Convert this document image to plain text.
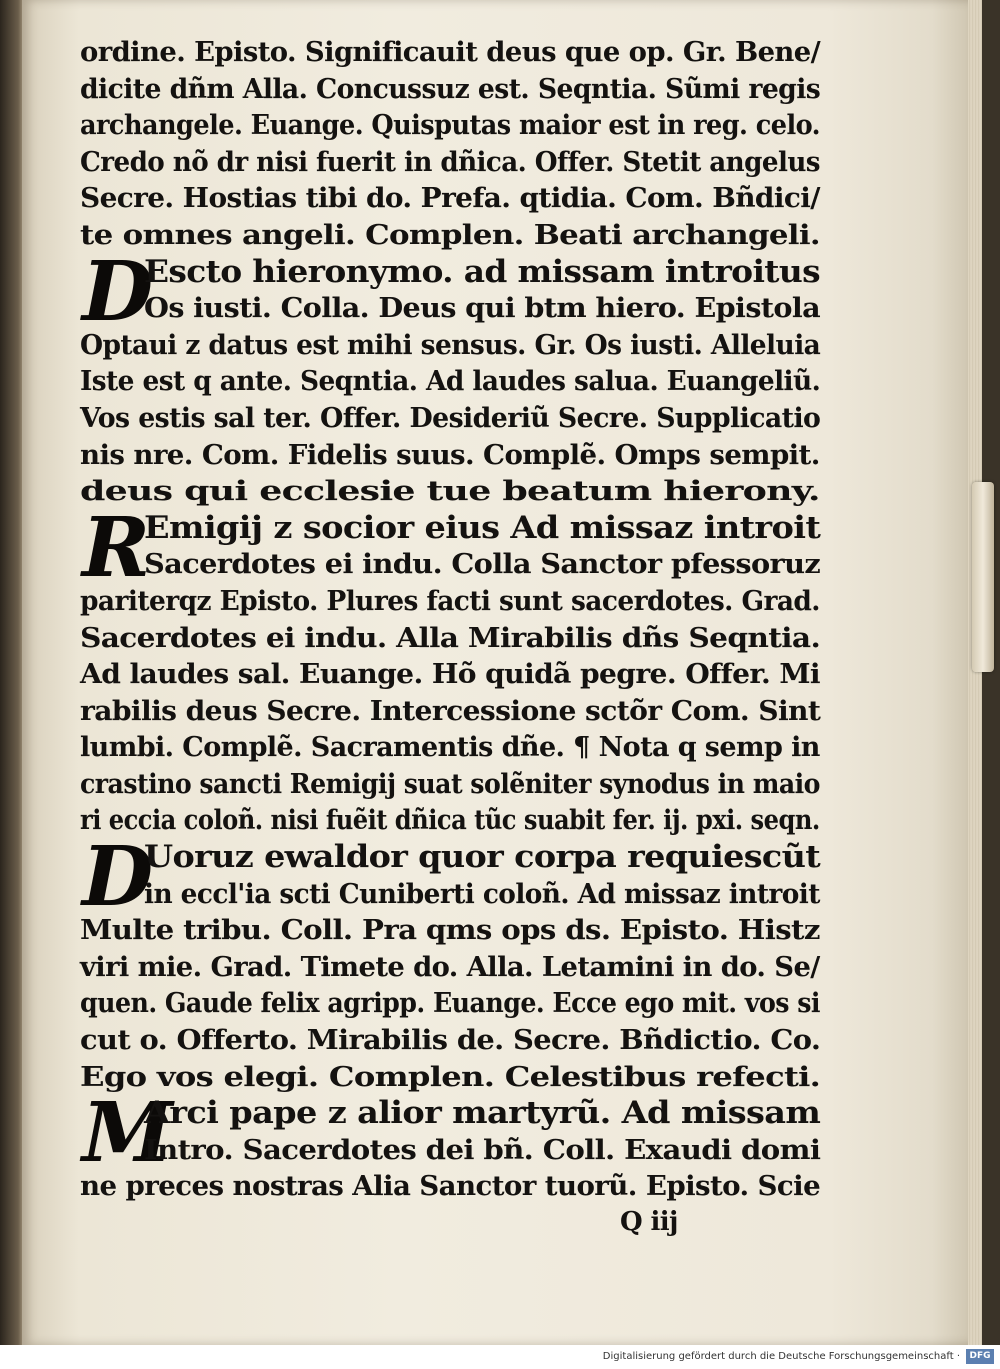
ordine. Episto. Significauit deus que op. Gr. Bene/
dicite dñm Alla. Concussuz est. Seqntia. Sũmi regis
archangele. Euange. Quisputas maior est in reg. celo.
Credo nõ dr nisi fuerit in dñica. Offer. Stetit angelus
Secre. Hostias tibi do. Prefa. qtidia. Com. Bñdici/
te omnes angeli. Complen. Beati archangeli.
D
Escto hieronymo. ad missam introitus
Os iusti. Colla. Deus qui btm hiero. Epistola
Optaui z datus est mihi sensus. Gr. Os iusti. Alleluia
Iste est q ante. Seqntia. Ad laudes salua. Euangeliũ.
Vos estis sal ter. Offer. Desideriũ Secre. Supplicatio
nis nre. Com. Fidelis suus. Complẽ. Omps sempit.
deus qui ecclesie tue beatum hierony.
R
Emigij z socior eius Ad missaz introit
Sacerdotes ei indu. Colla Sanctor pfessoruz
pariterqz Episto. Plures facti sunt sacerdotes. Grad.
Sacerdotes ei indu. Alla Mirabilis dñs Seqntia.
Ad laudes sal. Euange. Hõ quidã pegre. Offer. Mi
rabilis deus Secre. Intercessione sctõr Com. Sint
lumbi. Complẽ. Sacramentis dñe. ¶ Nota q semp in
crastino sancti Remigij suat solẽniter synodus in maio
ri eccia coloñ. nisi fuẽit dñica tũc suabit fer. ij. pxi. seqn.
D
Uoruz ewaldor quor corpa requiescũt
in eccl'ia scti Cuniberti coloñ. Ad missaz introit
Multe tribu. Coll. Pra qms ops ds. Episto. Histz
viri mie. Grad. Timete do. Alla. Letamini in do. Se/
quen. Gaude felix agripp. Euange. Ecce ego mit. vos si
cut o. Offerto. Mirabilis de. Secre. Bñdictio. Co.
Ego vos elegi. Complen. Celestibus refecti.
M
Arci pape z alior martyrũ. Ad missam
Intro. Sacerdotes dei bñ. Coll. Exaudi domi
ne preces nostras Alia Sanctor tuorũ. Episto. Scie
Q iij
Digitalisierung gefördert durch die Deutsche Forschungsgemeinschaft ·	DFG
